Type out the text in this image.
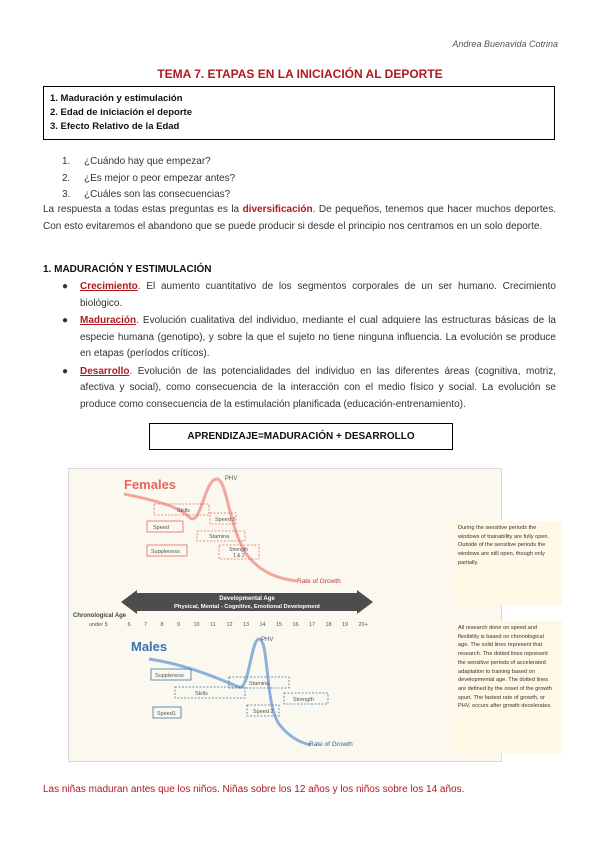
Andrea Buenavida Cotrina
TEMA 7. ETAPAS EN LA INICIACIÓN AL DEPORTE
1. Maduración y estimulación
2. Edad de iniciación el deporte
3. Efecto Relativo de la Edad
1. ¿Cuándo hay que empezar?
2. ¿Es mejor o peor empezar antes?
3. ¿Cuáles son las consecuencias?
La respuesta a todas estas preguntas es la diversificación. De pequeños, tenemos que hacer muchos deportes. Con esto evitaremos el abandono que se puede producir si desde el principio nos centramos en un solo deporte.
1. MADURACIÓN Y ESTIMULACIÓN
● Crecimiento. El aumento cuantitativo de los segmentos corporales de un ser humano. Crecimiento biológico.
● Maduración. Evolución cualitativa del individuo, mediante el cual adquiere las estructuras básicas de la especie humana (genotipo), y sobre la que el sujeto no tiene ninguna influencia. La evolución se produce en etapas (períodos críticos).
● Desarrollo. Evolución de las potencialidades del individuo en las diferentes áreas (cognitiva, motriz, afectiva y social), como consecuencia de la interacción con el medio físico y social. La evolución se produce como consecuencia de la estimulación planificada (educación-entrenamiento).
APRENDIZAJE=MADURACIÓN + DESARROLLO
Females	PHV
Rate of Growth
Skills
Speed
Speed 2
Stamina
Suppleness	Strength
1 & 2
Developmental Age
Physical, Mental - Cognitive, Emotional Development
Chronological Age
under 5	6 7 8 9 10 11 12 13 14 15 16 17 18 19 20+
Males	PHV
Rate of Growth
Suppleness
Stamina
Skills
Strength
Speed1	Speed 2
During the sensitive periods the windows of trainability are fully open. Outside of the sensitive periods the windows are still open, though only partially.
All research done on speed and flexibility is based on chronological age. The solid lines represent that research. The dotted lines represent the sensitive periods of accelerated adaptation to training based on developmental age. The dotted lines are defined by the onset of the growth spurt. The fastest rate of growth, or PHV, occurs after growth decelerates.
Las niñas maduran antes que los niños. Niñas sobre los 12 años y los niños sobre los 14 años.
